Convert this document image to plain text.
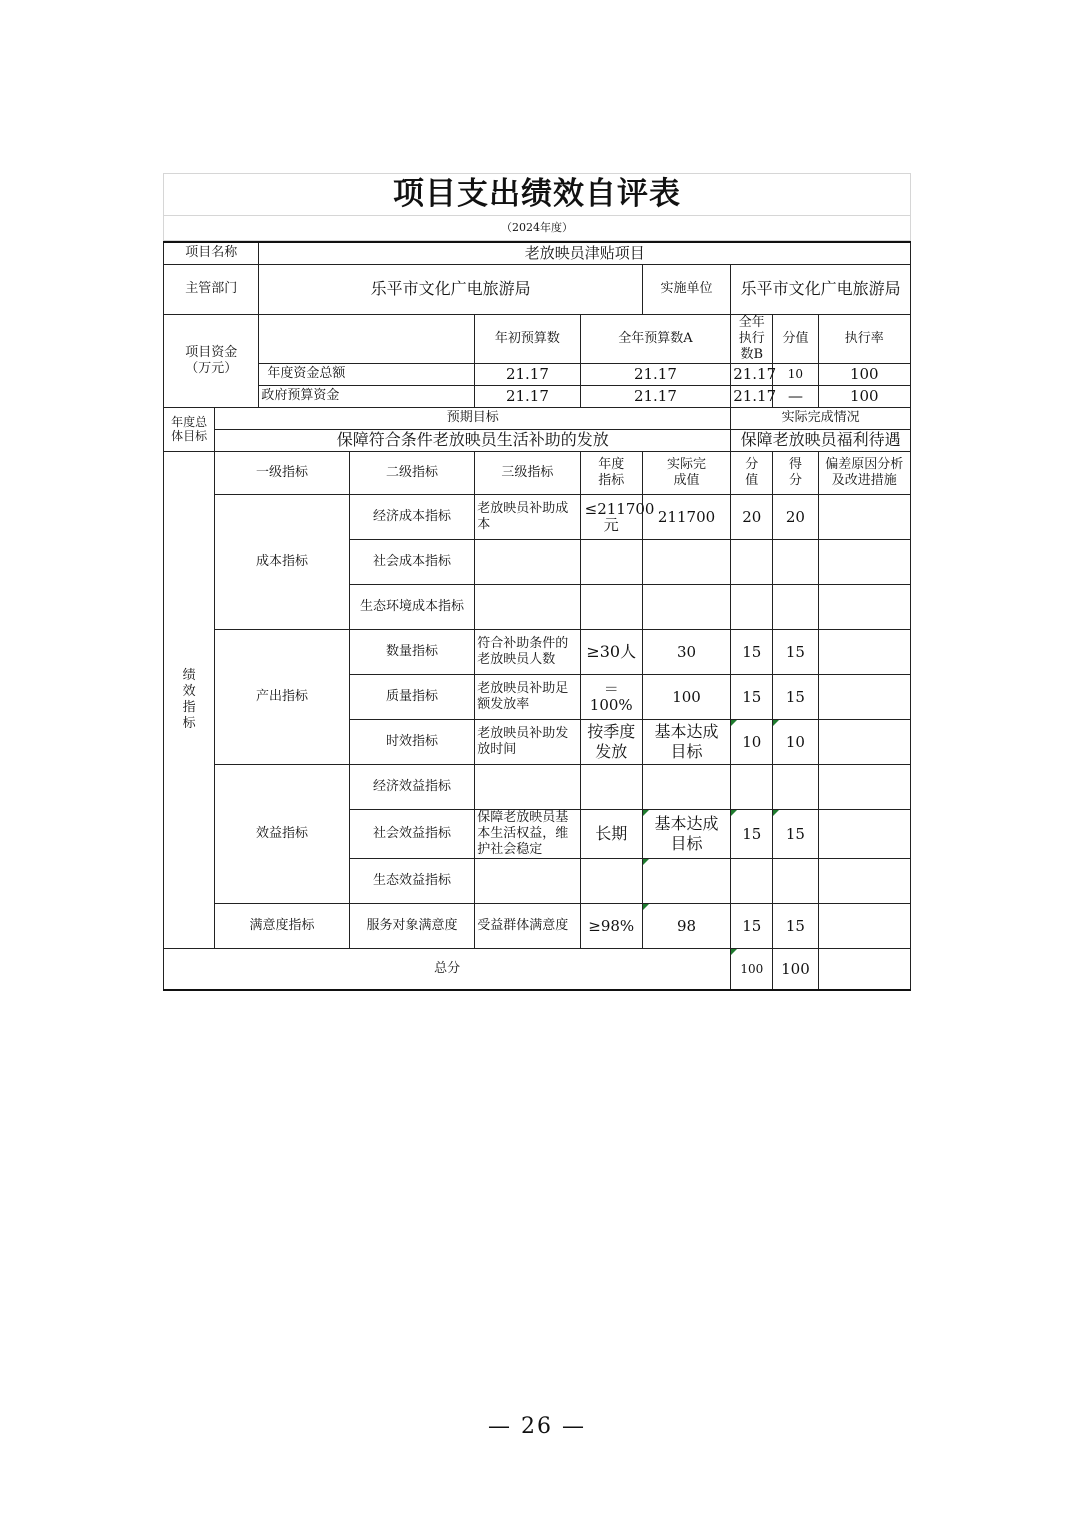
项目支出绩效自评表
（2024年度）
项目名称		老放映员津贴项目							
主管部门		乐平市文化广电旅游局				实施单位	乐平市文化广电旅游局		
项目资金（万元）				年初预算数	全年预算数A		全年执行数B	分值	执行率
		年度资金总额		21.17	21.17		21.17	10	100
		政府预算资金		21.17	21.17		21.17	—	100
年度总体目标	预期目标						实际完成情况		
	保障符合条件老放映员生活补助的发放						保障老放映员福利待遇		
绩效指标	一级指标		二级指标	三级指标	年度指标	实际完成值	分值	得分	偏差原因分析及改进措施
	成本指标		经济成本指标	老放映员补助成本	≤211700元	211700	20	20	
			社会成本指标						
			生态环境成本指标						
	产出指标		数量指标	符合补助条件的老放映员人数	≥30人	30	15	15	
			质量指标	老放映员补助足额发放率	＝100%	100	15	15	
			时效指标	老放映员补助发放时间	按季度发放	基本达成目标	10	10	
	效益指标		经济效益指标						
			社会效益指标	保障老放映员基本生活权益，维护社会稳定	长期	基本达成目标	15	15	
			生态效益指标						
	满意度指标		服务对象满意度	受益群体满意度	≥98%	98	15	15	
总分							100	100	
— 26 —
